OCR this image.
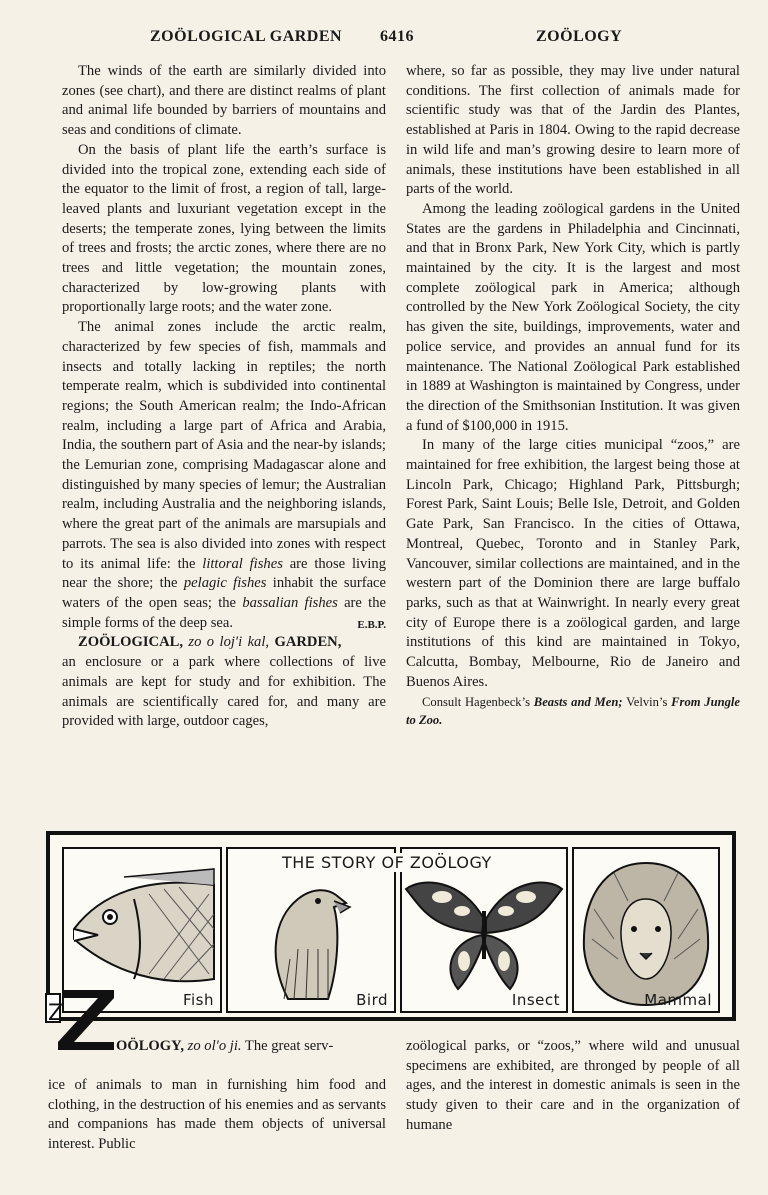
ZOÖLOGICAL GARDEN 6416	ZOÖLOGY

The winds of the earth are similarly divided into zones (see chart), and there are distinct realms of plant and animal life bounded by barriers of mountains and seas and conditions of climate.

On the basis of plant life the earth’s surface is divided into the tropical zone, extending each side of the equator to the limit of frost, a region of tall, large-leaved plants and luxuriant vegetation except in the deserts; the temperate zones, lying between the limits of trees and frosts; the arctic zones, where there are no trees and little vegetation; the mountain zones, characterized by low-growing plants with proportionally large roots; and the water zone.

The animal zones include the arctic realm, characterized by few species of fish, mammals and insects and totally lacking in reptiles; the north temperate realm, which is subdivided into continental regions; the South American realm; the Indo-African realm, including a large part of Africa and Arabia, India, the southern part of Asia and the near-by islands; the Lemurian zone, comprising Madagascar alone and distinguished by many species of lemur; the Australian realm, including Australia and the neighboring islands, where the great part of the animals are marsupials and parrots. The sea is also divided into zones with respect to its animal life: the littoral fishes are those living near the shore; the pelagic fishes inhabit the surface waters of the open seas; the bassalian fishes are the simple forms of the deep sea.	E.B.P.

ZOÖLOGICAL, zo o loj′i kal, GARDEN, an enclosure or a park where collections of live animals are kept for study and for exhibition. The animals are scientifically cared for, and many are provided with large, outdoor cages,

where, so far as possible, they may live under natural conditions. The first collection of animals made for scientific study was that of the Jardin des Plantes, established at Paris in 1804. Owing to the rapid decrease in wild life and man’s growing desire to learn more of animals, these institutions have been established in all parts of the world.

Among the leading zoölogical gardens in the United States are the gardens in Philadelphia and Cincinnati, and that in Bronx Park, New York City, which is partly maintained by the city. It is the largest and most complete zoölogical park in America; although controlled by the New York Zoölogical Society, the city has given the site, buildings, improvements, water and police service, and provides an annual fund for its maintenance. The National Zoölogical Park established in 1889 at Washington is maintained by Congress, under the direction of the Smithsonian Institution. It was given a fund of $100,000 in 1915.

In many of the large cities municipal “zoos,” are maintained for free exhibition, the largest being those at Lincoln Park, Chicago; Highland Park, Pittsburgh; Forest Park, Saint Louis; Belle Isle, Detroit, and Golden Gate Park, San Francisco. In the cities of Ottawa, Montreal, Quebec, Toronto and in Stanley Park, Vancouver, similar collections are maintained, and in the western part of the Dominion there are large buffalo parks, such as that at Wainwright. In nearly every great city of Europe there is a zoölogical garden, and large institutions of this kind are maintained in Tokyo, Calcutta, Bombay, Melbourne, Rio de Janeiro and Buenos Aires.

Consult Hagenbeck’s Beasts and Men; Velvin’s From Jungle to Zoo.

Fish	Bird	Insect	Mammal
THE STORY OF ZOÖLOGY
Z

OÖLOGY, zo ol′o ji. The great serv-

ice of animals to man in furnishing him food and clothing, in the destruction of his enemies and as servants and companions has made them objects of universal interest. Public

zoölogical parks, or “zoos,” where wild and unusual specimens are exhibited, are thronged by people of all ages, and the interest in domestic animals is seen in the study given to their care and in the organization of humane
